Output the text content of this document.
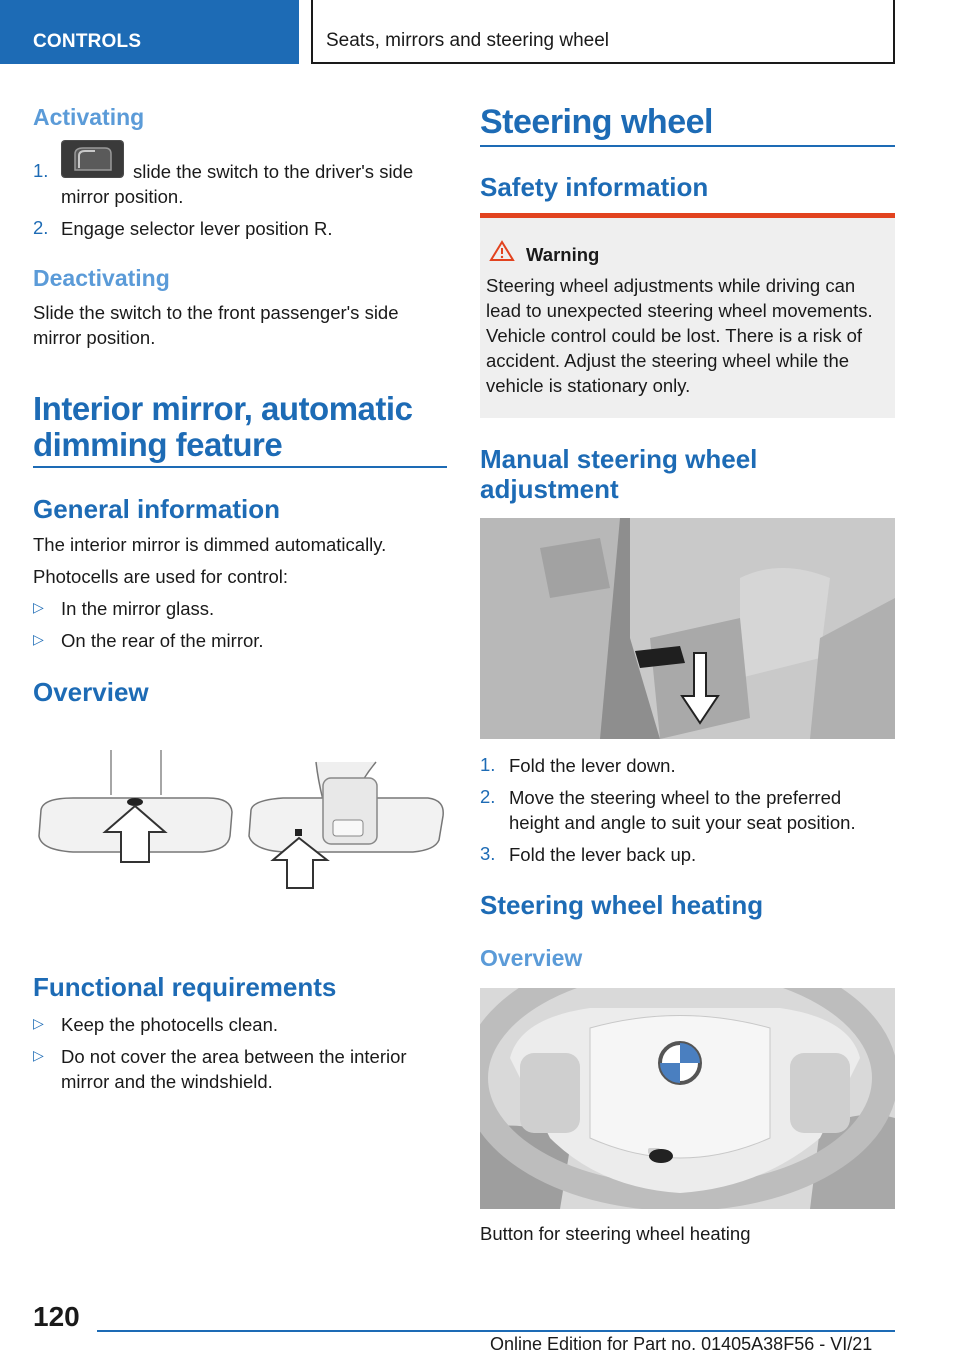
CONTROLS	Seats, mirrors and steering wheel
Activating
1.	slide the switch to the driver's side

mirror position.

2. Engage selector lever position R.

Deactivating

Slide the switch to the front passenger's side

mirror position.

Interior mirror, automatic
dimming feature
General information

The interior mirror is dimmed automatically.

Photocells are used for control:

▷ In the mirror glass.

▷ On the rear of the mirror.

Overview
Functional requirements
▷ Keep the photocells clean.

▷ Do not cover the area between the interior

mirror and the windshield.

Steering wheel
Safety information

Warning

Steering wheel adjustments while driving can

lead to unexpected steering wheel movements.

Vehicle control could be lost. There is a risk of

accident. Adjust the steering wheel while the

vehicle is stationary only.

Manual steering wheel
adjustment
1. Fold the lever down.

2. Move the steering wheel to the preferred

height and angle to suit your seat position.

3. Fold the lever back up.

Steering wheel heating
Overview

Button for steering wheel heating

120
Online Edition for Part no. 01405A38F56 - VI/21
